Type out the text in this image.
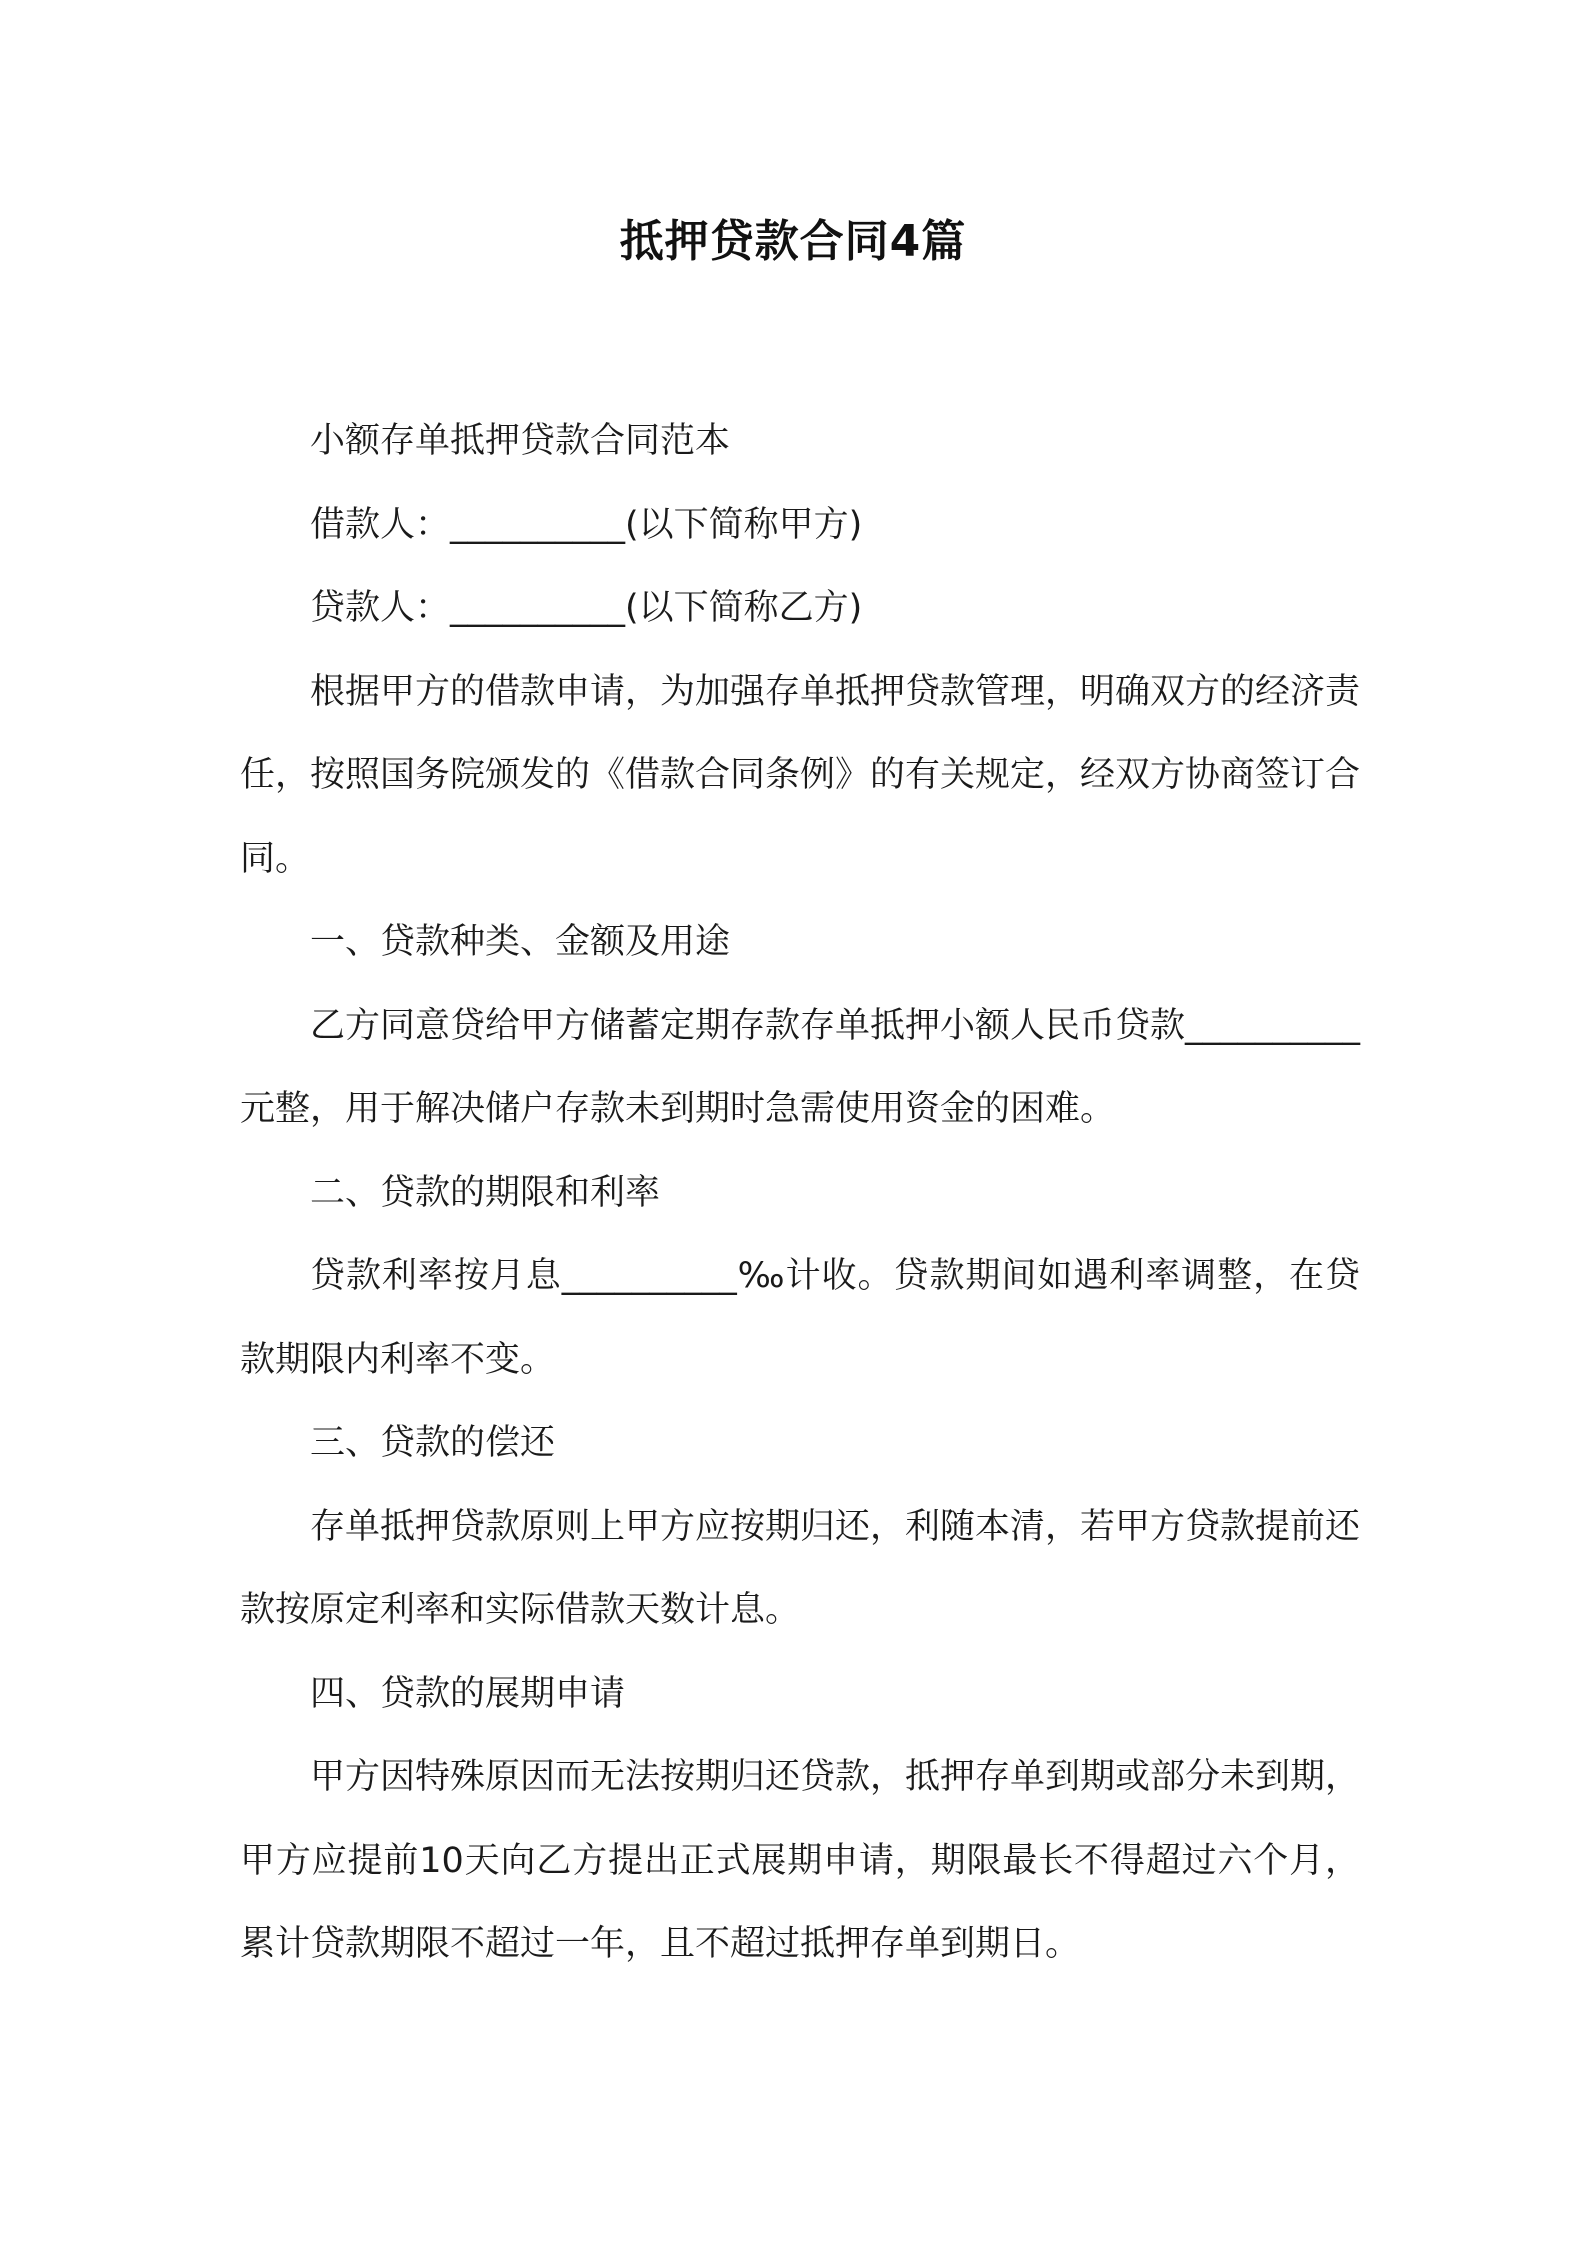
抵押贷款合同4篇

小额存单抵押贷款合同范本

借款人：__________(以下简称甲方)

贷款人：__________(以下简称乙方)

根据甲方的借款申请，为加强存单抵押贷款管理，明确双方的经济责任，按照国务院颁发的《借款合同条例》的有关规定，经双方协商签订合同。

一、贷款种类、金额及用途

乙方同意贷给甲方储蓄定期存款存单抵押小额人民币贷款__________元整，用于解决储户存款未到期时急需使用资金的困难。

二、贷款的期限和利率

贷款利率按月息__________‰计收。贷款期间如遇利率调整，在贷款期限内利率不变。

三、贷款的偿还

存单抵押贷款原则上甲方应按期归还，利随本清，若甲方贷款提前还款按原定利率和实际借款天数计息。

四、贷款的展期申请

甲方因特殊原因而无法按期归还贷款，抵押存单到期或部分未到期，甲方应提前10天向乙方提出正式展期申请，期限最长不得超过六个月，累计贷款期限不超过一年，且不超过抵押存单到期日。
